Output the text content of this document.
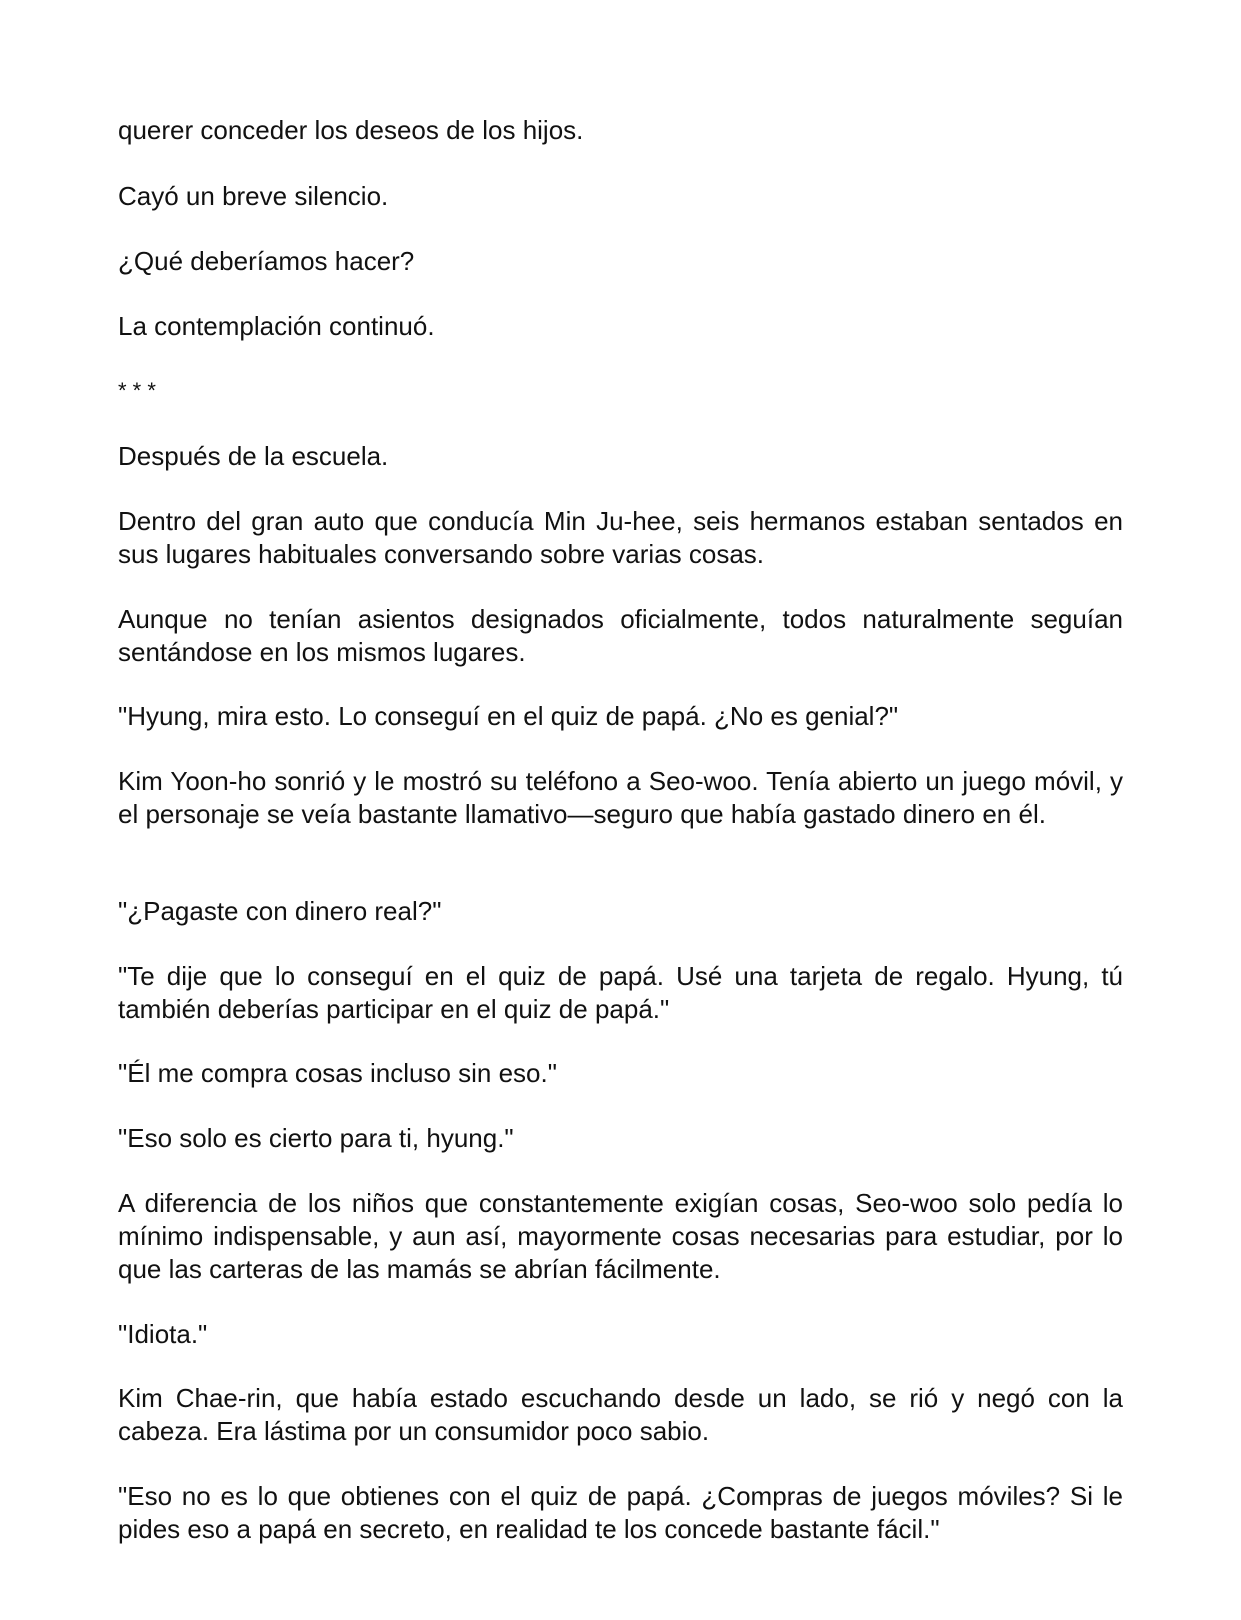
querer conceder los deseos de los hijos.

Cayó un breve silencio.

¿Qué deberíamos hacer?

La contemplación continuó.

* * *

Después de la escuela.

Dentro del gran auto que conducía Min Ju-hee, seis hermanos estaban sentados en sus lugares habituales conversando sobre varias cosas.

Aunque no tenían asientos designados oficialmente, todos naturalmente seguían sentándose en los mismos lugares.

"Hyung, mira esto. Lo conseguí en el quiz de papá. ¿No es genial?"

Kim Yoon-ho sonrió y le mostró su teléfono a Seo-woo. Tenía abierto un juego móvil, y el personaje se veía bastante llamativo—seguro que había gastado dinero en él.

"¿Pagaste con dinero real?"

"Te dije que lo conseguí en el quiz de papá. Usé una tarjeta de regalo. Hyung, tú también deberías participar en el quiz de papá."

"Él me compra cosas incluso sin eso."

"Eso solo es cierto para ti, hyung."

A diferencia de los niños que constantemente exigían cosas, Seo-woo solo pedía lo mínimo indispensable, y aun así, mayormente cosas necesarias para estudiar, por lo que las carteras de las mamás se abrían fácilmente.

"Idiota."

Kim Chae-rin, que había estado escuchando desde un lado, se rió y negó con la cabeza. Era lástima por un consumidor poco sabio.

"Eso no es lo que obtienes con el quiz de papá. ¿Compras de juegos móviles? Si le pides eso a papá en secreto, en realidad te los concede bastante fácil."
